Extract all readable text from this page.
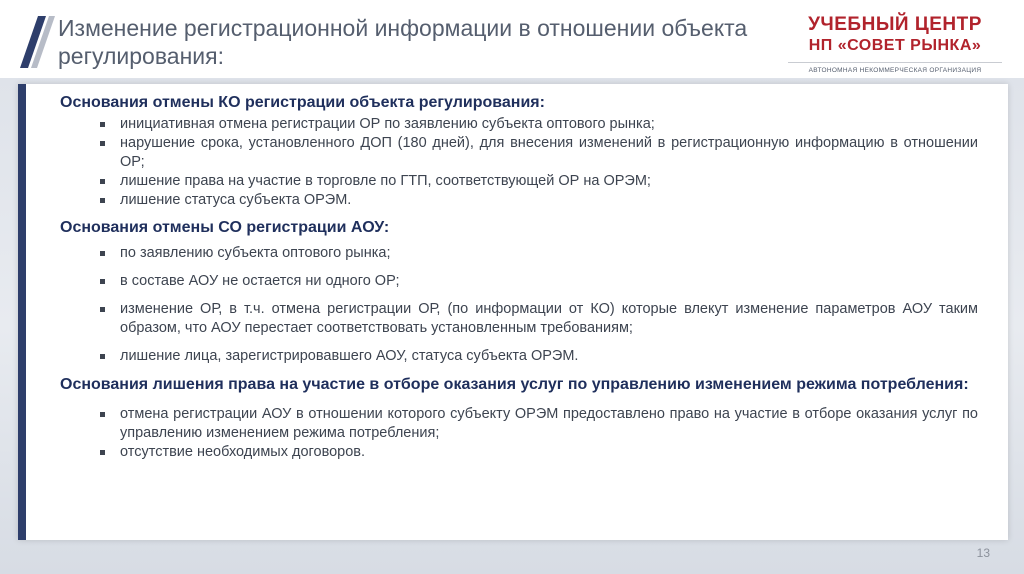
Изменение регистрационной информации в отношении объекта регулирования:
УЧЕБНЫЙ ЦЕНТР
НП «СОВЕТ РЫНКА»
АВТОНОМНАЯ НЕКОММЕРЧЕСКАЯ ОРГАНИЗАЦИЯ

Основания отмены КО регистрации объекта регулирования:

инициативная отмена регистрации ОР по заявлению субъекта оптового рынка;
нарушение срока, установленного ДОП (180 дней), для внесения изменений в регистрационную информацию в отношении ОР;
лишение права на участие в торговле по ГТП, соответствующей ОР на ОРЭМ;
лишение статуса субъекта ОРЭМ.

Основания отмены СО регистрации АОУ:

по заявлению субъекта оптового рынка;
в составе АОУ не остается ни одного ОР;
изменение ОР, в т.ч. отмена регистрации ОР, (по информации от КО) которые влекут изменение параметров АОУ таким образом, что АОУ перестает соответствовать установленным требованиям;
лишение лица, зарегистрировавшего АОУ, статуса субъекта ОРЭМ.

Основания лишения права на участие в отборе оказания услуг по управлению изменением режима потребления:

отмена регистрации АОУ в отношении которого субъекту ОРЭМ предоставлено право на участие в отборе оказания услуг по управлению изменением режима потребления;
отсутствие необходимых договоров.
13
